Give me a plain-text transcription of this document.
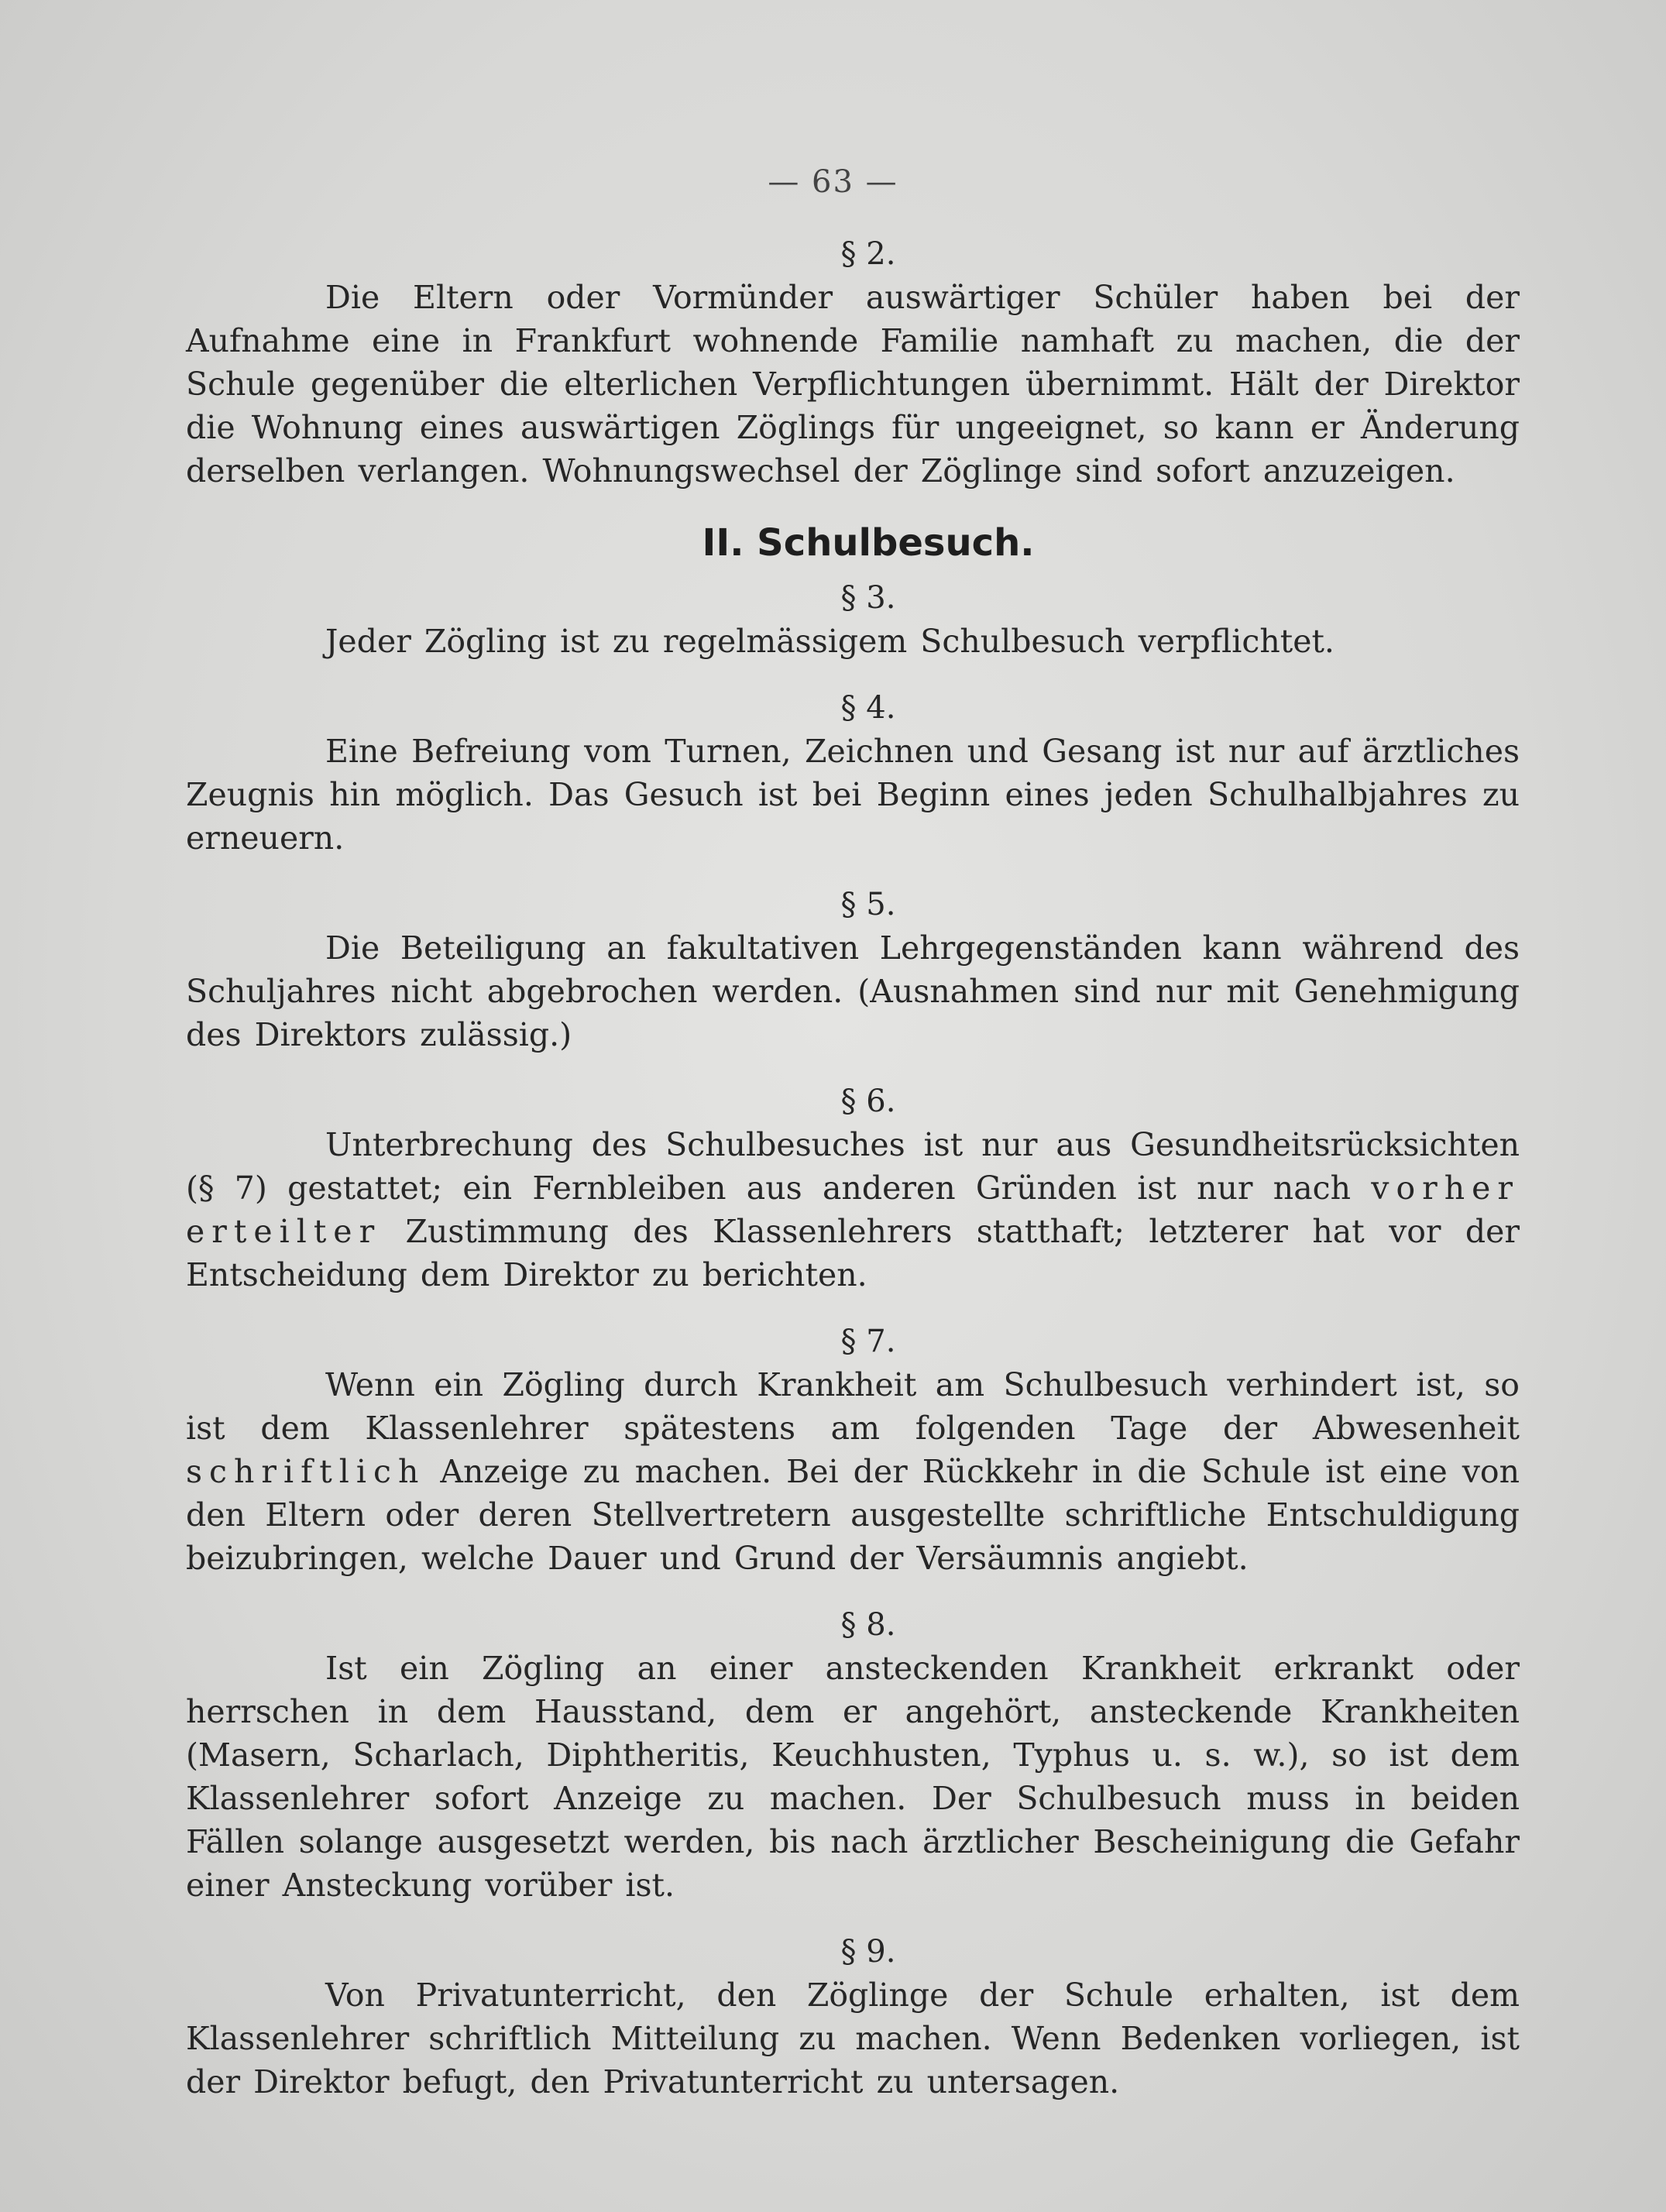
— 63 —

§ 2.

Die Eltern oder Vormünder auswärtiger Schüler haben bei der Aufnahme eine in Frankfurt wohnende Familie namhaft zu machen, die der Schule gegenüber die elterlichen Verpflichtungen übernimmt. Hält der Direktor die Wohnung eines auswärtigen Zöglings für ungeeignet, so kann er Änderung derselben verlangen. Wohnungswechsel der Zöglinge sind sofort anzuzeigen.

II. Schulbesuch.

§ 3.

Jeder Zögling ist zu regelmässigem Schulbesuch verpflichtet.

§ 4.

Eine Befreiung vom Turnen, Zeichnen und Gesang ist nur auf ärztliches Zeugnis hin möglich. Das Gesuch ist bei Beginn eines jeden Schulhalbjahres zu erneuern.

§ 5.

Die Beteiligung an fakultativen Lehrgegenständen kann während des Schuljahres nicht abgebrochen werden. (Ausnahmen sind nur mit Genehmigung des Direktors zulässig.)

§ 6.

Unterbrechung des Schulbesuches ist nur aus Gesundheitsrücksichten (§ 7) gestattet; ein Fernbleiben aus anderen Gründen ist nur nach vorher erteilter Zustimmung des Klassenlehrers statthaft; letzterer hat vor der Entscheidung dem Direktor zu berichten.

§ 7.

Wenn ein Zögling durch Krankheit am Schulbesuch verhindert ist, so ist dem Klassenlehrer spätestens am folgenden Tage der Abwesenheit schriftlich Anzeige zu machen. Bei der Rückkehr in die Schule ist eine von den Eltern oder deren Stellvertretern ausgestellte schriftliche Entschuldigung beizubringen, welche Dauer und Grund der Versäumnis angiebt.

§ 8.

Ist ein Zögling an einer ansteckenden Krankheit erkrankt oder herrschen in dem Hausstand, dem er angehört, ansteckende Krankheiten (Masern, Scharlach, Diphtheritis, Keuchhusten, Typhus u. s. w.), so ist dem Klassenlehrer sofort Anzeige zu machen. Der Schulbesuch muss in beiden Fällen solange ausgesetzt werden, bis nach ärztlicher Bescheinigung die Gefahr einer Ansteckung vorüber ist.

§ 9.

Von Privatunterricht, den Zöglinge der Schule erhalten, ist dem Klassenlehrer schriftlich Mitteilung zu machen. Wenn Bedenken vorliegen, ist der Direktor befugt, den Privatunterricht zu untersagen.
